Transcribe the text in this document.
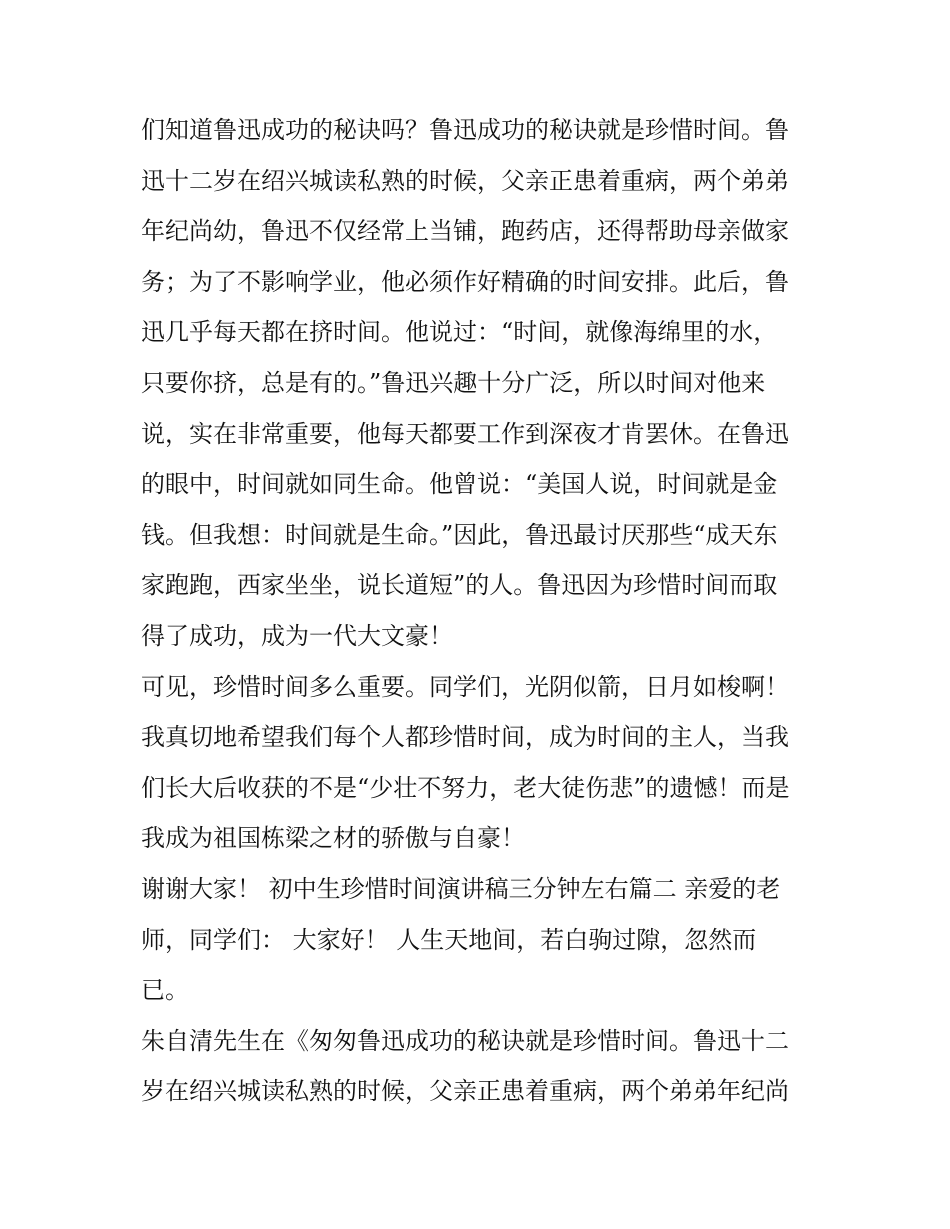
们知道鲁迅成功的秘诀吗？鲁迅成功的秘诀就是珍惜时间。鲁
迅十二岁在绍兴城读私熟的时候，父亲正患着重病，两个弟弟
年纪尚幼，鲁迅不仅经常上当铺，跑药店，还得帮助母亲做家
务；为了不影响学业，他必须作好精确的时间安排。此后，鲁
迅几乎每天都在挤时间。他说过：“时间，就像海绵里的水，
只要你挤，总是有的。”鲁迅兴趣十分广泛，所以时间对他来
说，实在非常重要，他每天都要工作到深夜才肯罢休。在鲁迅
的眼中，时间就如同生命。他曾说：“美国人说，时间就是金
钱。但我想：时间就是生命。”因此，鲁迅最讨厌那些“成天东
家跑跑，西家坐坐，说长道短”的人。鲁迅因为珍惜时间而取
得了成功，成为一代大文豪！
可见，珍惜时间多么重要。同学们，光阴似箭，日月如梭啊！
我真切地希望我们每个人都珍惜时间，成为时间的主人，当我
们长大后收获的不是“少壮不努力，老大徒伤悲”的遗憾！而是
我成为祖国栋梁之材的骄傲与自豪！
谢谢大家！ 初中生珍惜时间演讲稿三分钟左右篇二 亲爱的老
师，同学们： 大家好！ 人生天地间，若白驹过隙，忽然而
已。
朱自清先生在《匆匆鲁迅成功的秘诀就是珍惜时间。鲁迅十二
岁在绍兴城读私熟的时候，父亲正患着重病，两个弟弟年纪尚
